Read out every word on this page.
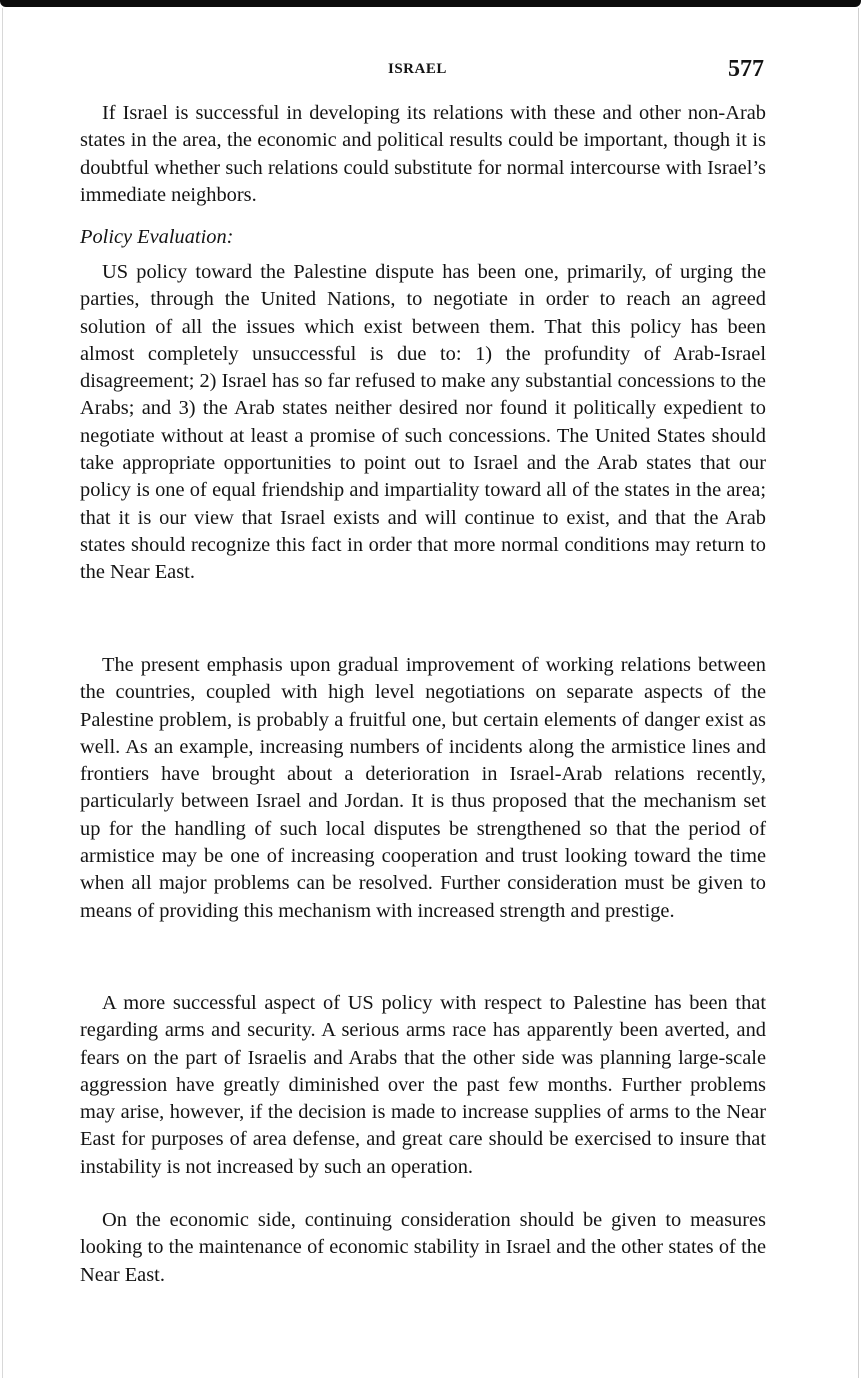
ISRAEL	577

If Israel is successful in developing its relations with these and other non-Arab states in the area, the economic and political results could be important, though it is doubtful whether such relations could substitute for normal intercourse with Israel’s immediate neighbors.

Policy Evaluation:

US policy toward the Palestine dispute has been one, primarily, of urging the parties, through the United Nations, to negotiate in order to reach an agreed solution of all the issues which exist between them. That this policy has been almost completely unsuccessful is due to: 1) the profundity of Arab-Israel disagreement; 2) Israel has so far refused to make any substantial concessions to the Arabs; and 3) the Arab states neither desired nor found it politically expedient to negotiate without at least a promise of such concessions. The United States should take appropriate opportunities to point out to Israel and the Arab states that our policy is one of equal friendship and impartiality toward all of the states in the area; that it is our view that Israel exists and will continue to exist, and that the Arab states should recognize this fact in order that more normal conditions may return to the Near East.

The present emphasis upon gradual improvement of working relations between the countries, coupled with high level negotiations on separate aspects of the Palestine problem, is probably a fruitful one, but certain elements of danger exist as well. As an example, increasing numbers of incidents along the armistice lines and frontiers have brought about a deterioration in Israel-Arab relations recently, particularly between Israel and Jordan. It is thus proposed that the mechanism set up for the handling of such local disputes be strengthened so that the period of armistice may be one of increasing cooperation and trust looking toward the time when all major problems can be resolved. Further consideration must be given to means of providing this mechanism with increased strength and prestige.

A more successful aspect of US policy with respect to Palestine has been that regarding arms and security. A serious arms race has apparently been averted, and fears on the part of Israelis and Arabs that the other side was planning large-scale aggression have greatly diminished over the past few months. Further problems may arise, however, if the decision is made to increase supplies of arms to the Near East for purposes of area defense, and great care should be exercised to insure that instability is not increased by such an operation.

On the economic side, continuing consideration should be given to measures looking to the maintenance of economic stability in Israel and the other states of the Near East.
